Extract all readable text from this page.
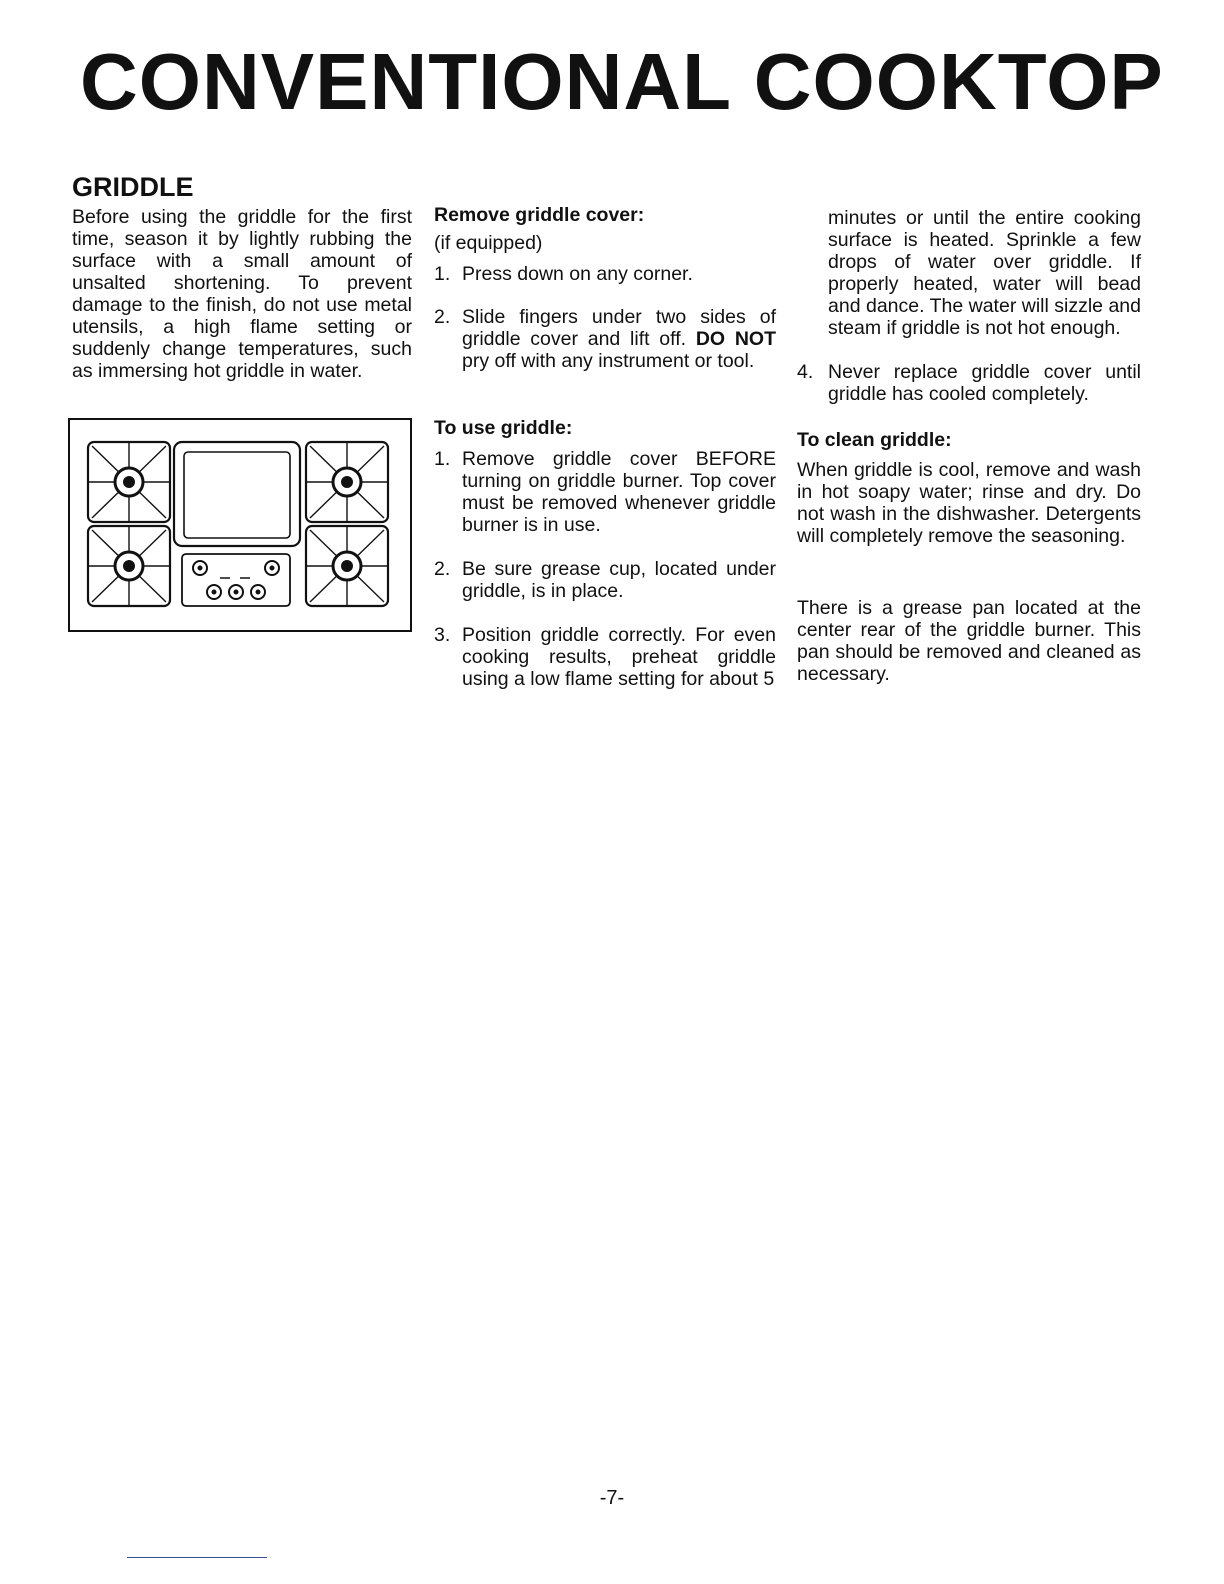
CONVENTIONAL COOKTOP
GRIDDLE

Before using the griddle for the first time, season it by lightly rubbing the surface with a small amount of unsalted shortening. To prevent damage to the finish, do not use metal utensils, a high flame setting or suddenly change temperatures, such as immersing hot griddle in water.

Remove griddle cover:

(if equipped)

1. Press down on any corner.
2. Slide fingers under two sides of griddle cover and lift off. DO NOT pry off with any instrument or tool.
To use griddle:
1. Remove griddle cover BEFORE turning on griddle burner. Top cover must be removed whenever griddle burner is in use.
2. Be sure grease cup, located under griddle, is in place.
3. Position griddle correctly. For even cooking results, preheat griddle using a low flame setting for about 5

minutes or until the entire cooking surface is heated. Sprinkle a few drops of water over griddle. If properly heated, water will bead and dance. The water will sizzle and steam if griddle is not hot enough.

4. Never replace griddle cover until griddle has cooled completely.
To clean griddle:

When griddle is cool, remove and wash in hot soapy water; rinse and dry. Do not wash in the dishwasher. Detergents will completely remove the seasoning.

There is a grease pan located at the center rear of the griddle burner. This pan should be removed and cleaned as necessary.

-7-
